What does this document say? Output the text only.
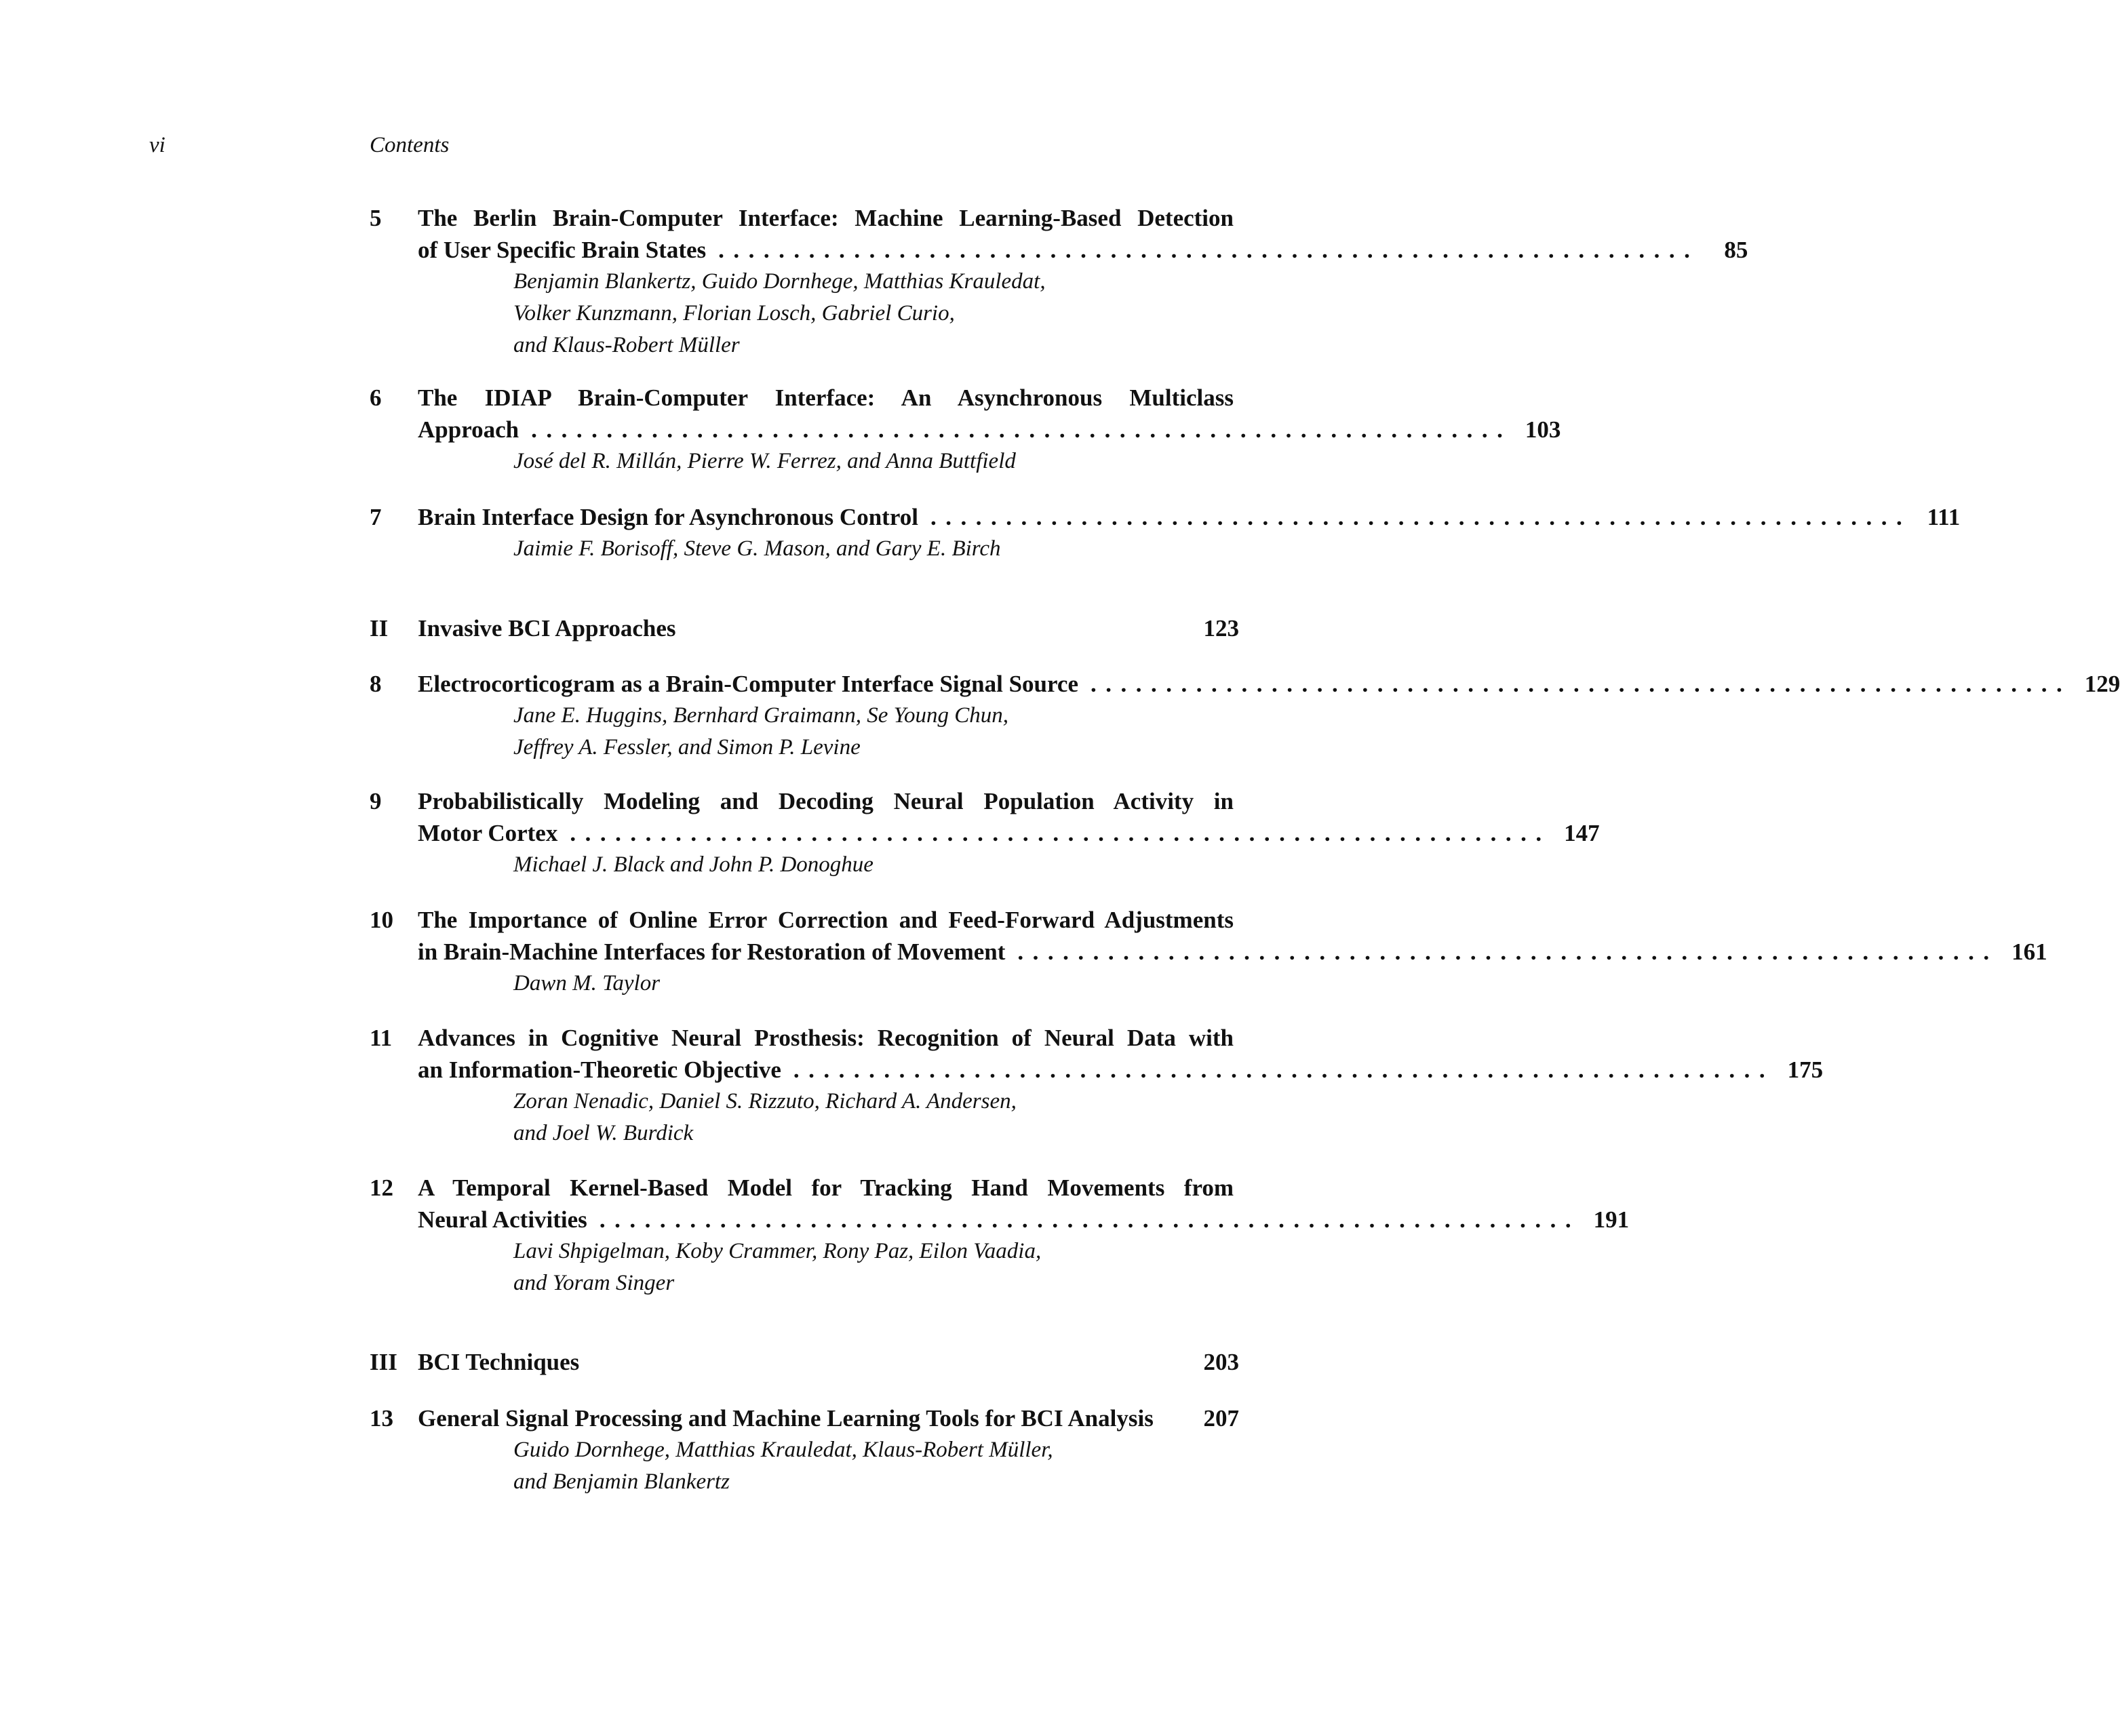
vi	Contents
5 The Berlin Brain-Computer Interface: Machine Learning-Based Detection
of User Specific Brain States .................................................................	85
Benjamin Blankertz, Guido Dornhege, Matthias Krauledat,
Volker Kunzmann, Florian Losch, Gabriel Curio,
and Klaus-Robert Müller
6 The IDIAP Brain-Computer Interface: An Asynchronous Multiclass
Approach ................................................................. 103
José del R. Millán, Pierre W. Ferrez, and Anna Buttfield
7 Brain Interface Design for Asynchronous Control ................................................................. 111
Jaimie F. Borisoff, Steve G. Mason, and Gary E. Birch
II Invasive BCI Approaches	123
8 Electrocorticogram as a Brain-Computer Interface Signal Source ................................................................. 129
Jane E. Huggins, Bernhard Graimann, Se Young Chun,
Jeffrey A. Fessler, and Simon P. Levine
9 Probabilistically Modeling and Decoding Neural Population Activity in
Motor Cortex ................................................................. 147
Michael J. Black and John P. Donoghue
10 The Importance of Online Error Correction and Feed-Forward Adjustments
in Brain-Machine Interfaces for Restoration of Movement ................................................................. 161
Dawn M. Taylor
11 Advances in Cognitive Neural Prosthesis: Recognition of Neural Data with
an Information-Theoretic Objective ................................................................. 175
Zoran Nenadic, Daniel S. Rizzuto, Richard A. Andersen,
and Joel W. Burdick
12 A Temporal Kernel-Based Model for Tracking Hand Movements from
Neural Activities ................................................................. 191
Lavi Shpigelman, Koby Crammer, Rony Paz, Eilon Vaadia,
and Yoram Singer
III BCI Techniques	203
13 General Signal Processing and Machine Learning Tools for BCI Analysis 207
Guido Dornhege, Matthias Krauledat, Klaus-Robert Müller,
and Benjamin Blankertz
